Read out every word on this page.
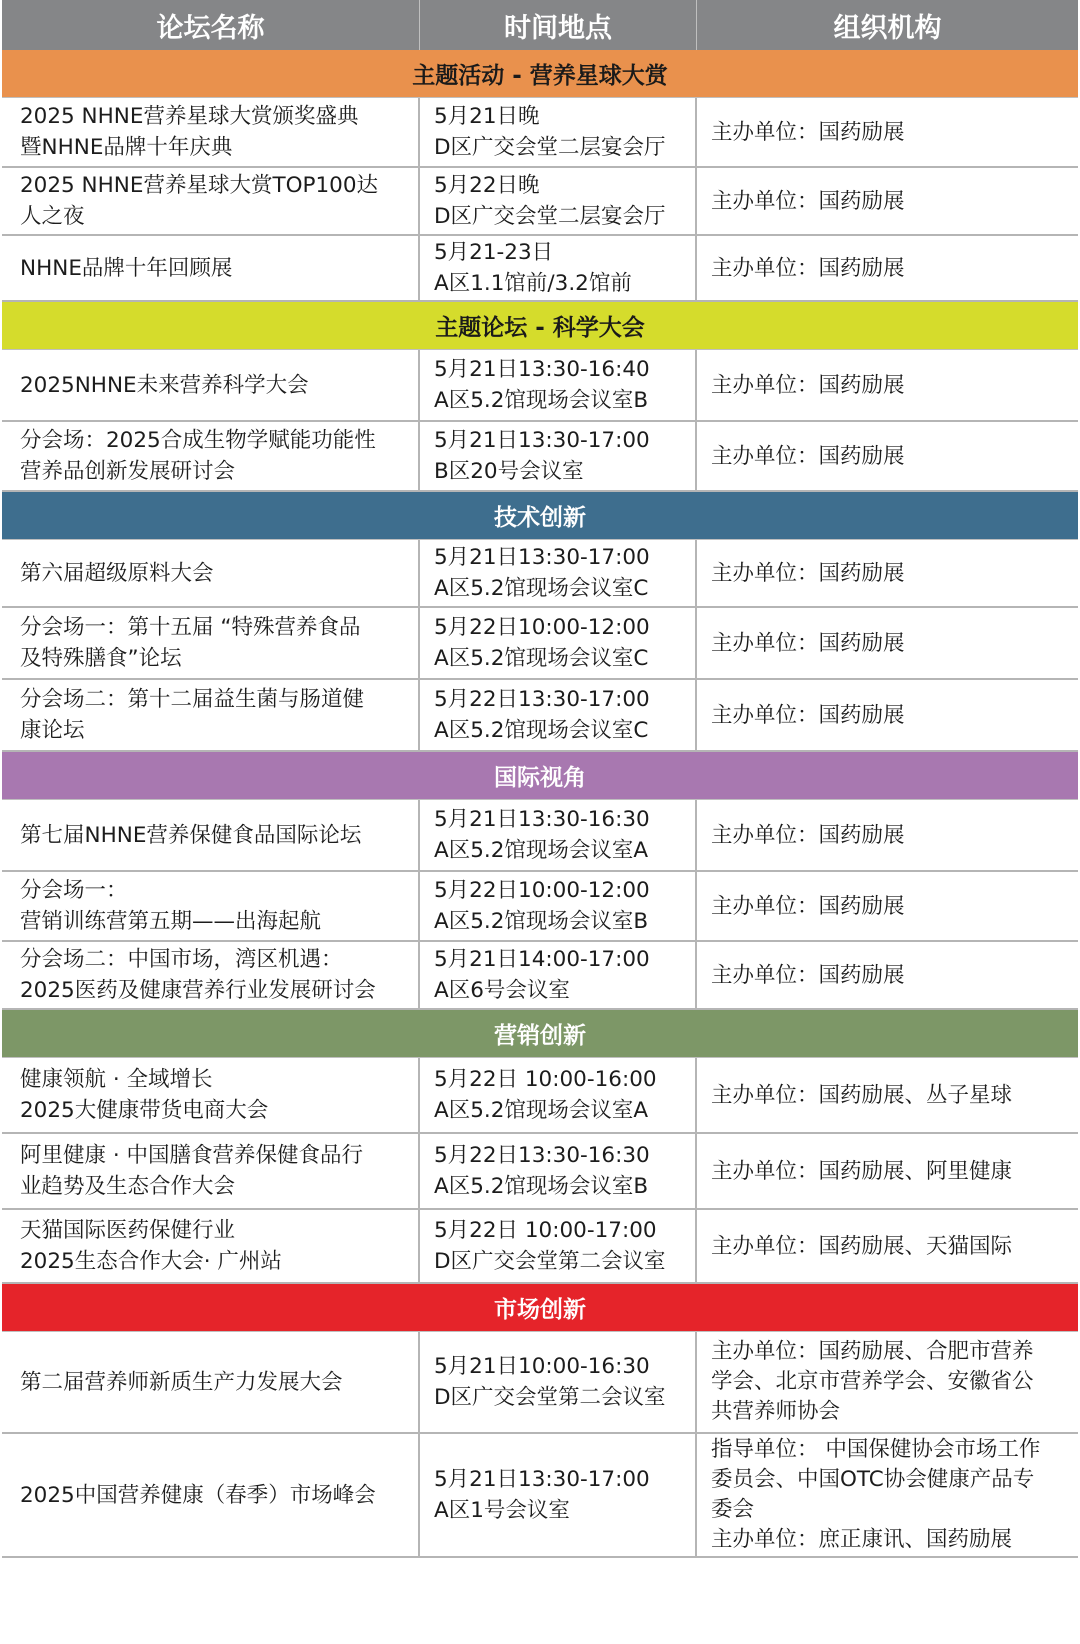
论坛名称	时间地点	组织机构
主题活动 - 营养星球大赏
2025 NHNE营养星球大赏颁奖盛典
暨NHNE品牌十年庆典
5月21日晚
D区广交会堂二层宴会厅
主办单位：国药励展
2025 NHNE营养星球大赏TOP100达
人之夜
5月22日晚
D区广交会堂二层宴会厅
主办单位：国药励展
NHNE品牌十年回顾展
5月21-23日
A区1.1馆前/3.2馆前
主办单位：国药励展
主题论坛 - 科学大会
2025NHNE未来营养科学大会
5月21日13:30-16:40
A区5.2馆现场会议室B
主办单位：国药励展
分会场：2025合成生物学赋能功能性
营养品创新发展研讨会
5月21日13:30-17:00
B区20号会议室
主办单位：国药励展
技术创新
第六届超级原料大会
5月21日13:30-17:00
A区5.2馆现场会议室C
主办单位：国药励展
分会场一：第十五届 “特殊营养食品
及特殊膳食”论坛
5月22日10:00-12:00
A区5.2馆现场会议室C
主办单位：国药励展
分会场二：第十二届益生菌与肠道健
康论坛
5月22日13:30-17:00
A区5.2馆现场会议室C
主办单位：国药励展
国际视角
第七届NHNE营养保健食品国际论坛
5月21日13:30-16:30
A区5.2馆现场会议室A
主办单位：国药励展
分会场一：
营销训练营第五期——出海起航
5月22日10:00-12:00
A区5.2馆现场会议室B
主办单位：国药励展
分会场二：中国市场，湾区机遇：
2025医药及健康营养行业发展研讨会
5月21日14:00-17:00
A区6号会议室
主办单位：国药励展
营销创新
健康领航 · 全域增长
2025大健康带货电商大会
5月22日 10:00-16:00
A区5.2馆现场会议室A
主办单位：国药励展、丛子星球
阿里健康 · 中国膳食营养保健食品行
业趋势及生态合作大会
5月22日13:30-16:30
A区5.2馆现场会议室B
主办单位：国药励展、阿里健康
天猫国际医药保健行业
2025生态合作大会· 广州站
5月22日 10:00-17:00
D区广交会堂第二会议室
主办单位：国药励展、天猫国际
市场创新
第二届营养师新质生产力发展大会
5月21日10:00-16:30
D区广交会堂第二会议室
主办单位：国药励展、合肥市营养
学会、北京市营养学会、安徽省公
共营养师协会
2025中国营养健康（春季）市场峰会
5月21日13:30-17:00
A区1号会议室
指导单位： 中国保健协会市场工作
委员会、中国OTC协会健康产品专
委会
主办单位：庶正康讯、国药励展
